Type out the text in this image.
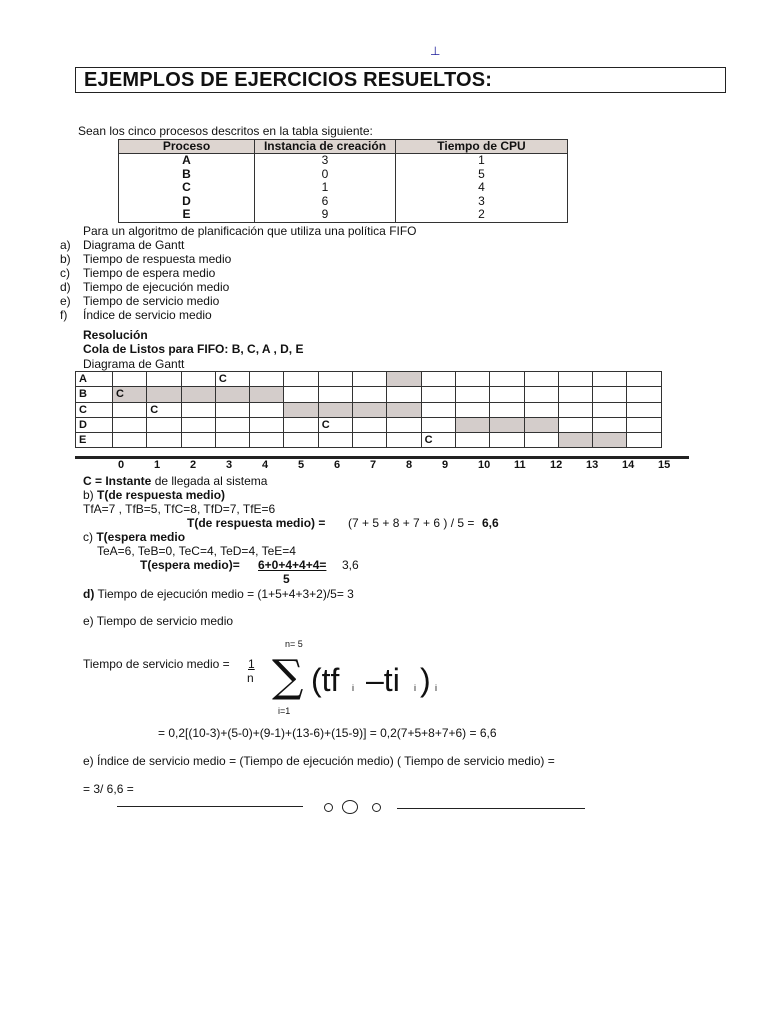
⊥
EJEMPLOS DE EJERCICIOS RESUELTOS:
Sean los cinco procesos descritos en la tabla siguiente:
Proceso	Instancia de creación	Tiempo de CPU
A	3	1
B	0	5
C	1	4
D	6	3
E	9	2
Para un algoritmo de planificación que utiliza una política FIFO
a) Diagrama de Gantt
b) Tiempo de respuesta medio
c) Tiempo de espera medio
d) Tiempo de ejecución medio
e) Tiempo de servicio medio
f) Índice de servicio medio
Resolución
Cola de Listos para FIFO: B, C, A , D, E
Diagrama de Gantt
A				C												
B	C															
C		C														
D							C									
E										C						
0	1	2	3	4	5	6	7	8	9	10 11 12 13 14 15
C = Instante de llegada al sistema
b) T(de respuesta medio)
TfA=7 , TfB=5, TfC=8, TfD=7, TfE=6
T(de respuesta medio) = (7 + 5 + 8 + 7 + 6 ) / 5 = 6,6
c) T(espera medio
TeA=6, TeB=0, TeC=4, TeD=4, TeE=4
T(espera medio)= 6+0+4+4+4= 3,6
5
d) Tiempo de ejecución medio = (1+5+4+3+2)/5= 3
e) Tiempo de servicio medio
n= 5
Tiempo de servicio medio = 1
n ∑ (tf i –ti i ) i
i=1
= 0,2[(10-3)+(5-0)+(9-1)+(13-6)+(15-9)] = 0,2(7+5+8+7+6) = 6,6
e) Índice de servicio medio = (Tiempo de ejecución medio) ( Tiempo de servicio medio) =
= 3/ 6,6 =
